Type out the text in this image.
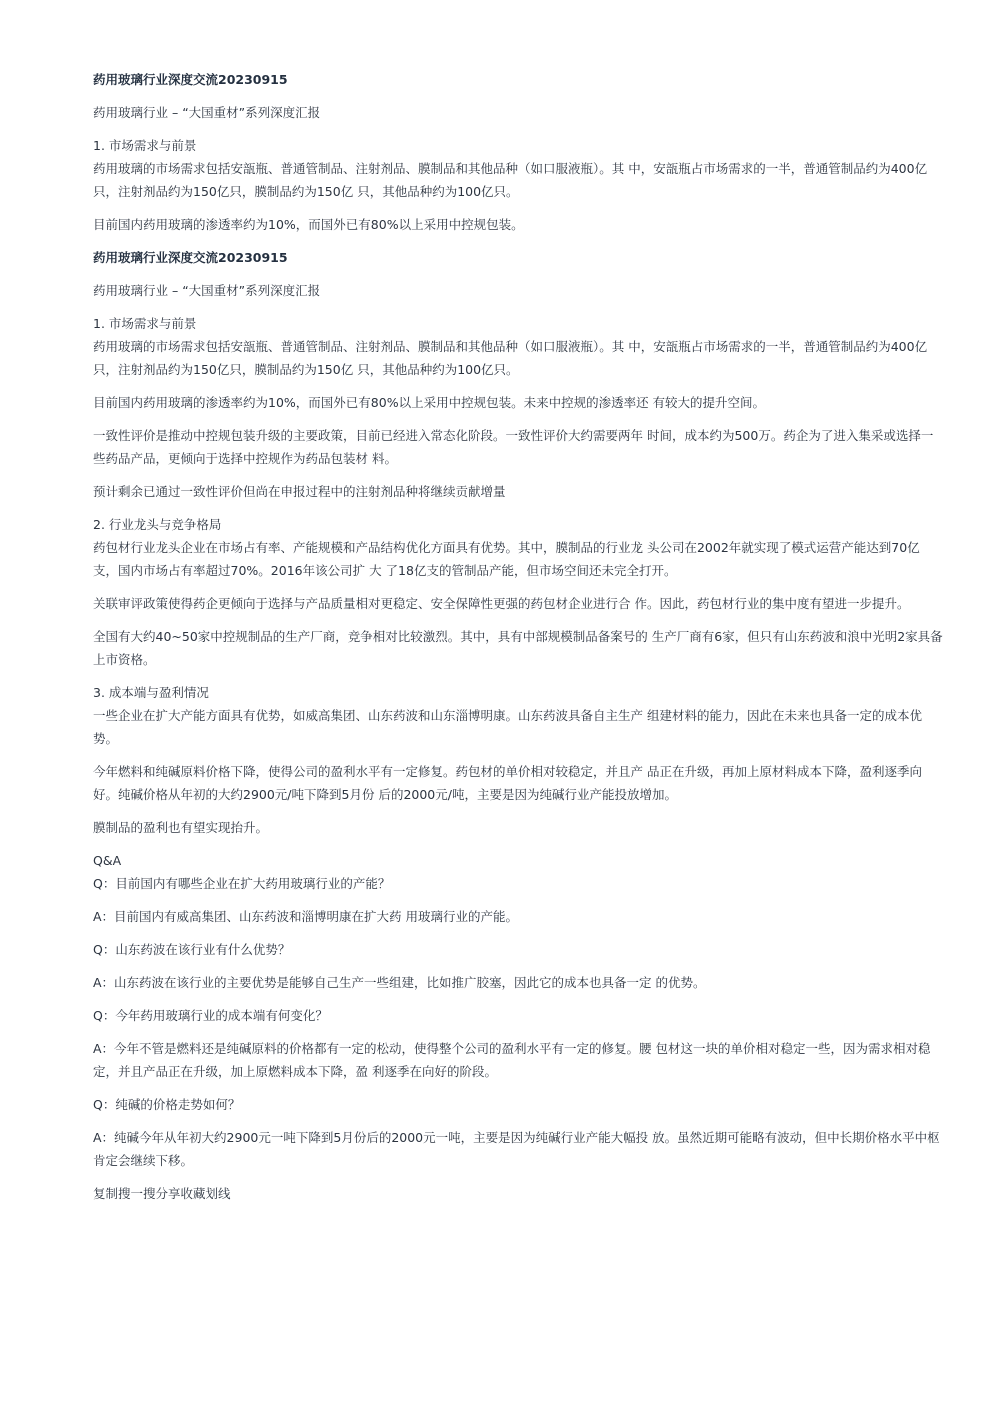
药用玻璃行业深度交流20230915
药用玻璃行业 – “大国重材”系列深度汇报
1. 市场需求与前景
药用玻璃的市场需求包括安瓿瓶、普通管制品、注射剂品、膜制品和其他品种（如口服液瓶）。其 中，安瓿瓶占市场需求的一半，普通管制品约为400亿只，注射剂品约为150亿只，膜制品约为150亿 只，其他品种约为100亿只。
目前国内药用玻璃的渗透率约为10%，而国外已有80%以上采用中控规包装。
药用玻璃行业深度交流20230915
药用玻璃行业 – “大国重材”系列深度汇报
1. 市场需求与前景
药用玻璃的市场需求包括安瓿瓶、普通管制品、注射剂品、膜制品和其他品种（如口服液瓶）。其 中，安瓿瓶占市场需求的一半，普通管制品约为400亿只，注射剂品约为150亿只，膜制品约为150亿 只，其他品种约为100亿只。
目前国内药用玻璃的渗透率约为10%，而国外已有80%以上采用中控规包装。未来中控规的渗透率还 有较大的提升空间。
一致性评价是推动中控规包装升级的主要政策，目前已经进入常态化阶段。一致性评价大约需要两年 时间，成本约为500万。药企为了进入集采或选择一些药品产品，更倾向于选择中控规作为药品包装材 料。
预计剩余已通过一致性评价但尚在申报过程中的注射剂品种将继续贡献增量
2. 行业龙头与竞争格局
药包材行业龙头企业在市场占有率、产能规模和产品结构优化方面具有优势。其中，膜制品的行业龙 头公司在2002年就实现了模式运营产能达到70亿支，国内市场占有率超过70%。2016年该公司扩 大 了18亿支的管制品产能，但市场空间还未完全打开。
关联审评政策使得药企更倾向于选择与产品质量相对更稳定、安全保障性更强的药包材企业进行合 作。因此，药包材行业的集中度有望进一步提升。
全国有大约40~50家中控规制品的生产厂商，竞争相对比较激烈。其中，具有中部规模制品备案号的 生产厂商有6家，但只有山东药波和浪中光明2家具备上市资格。
3. 成本端与盈利情况
一些企业在扩大产能方面具有优势，如威高集团、山东药波和山东淄博明康。山东药波具备自主生产 组建材料的能力，因此在未来也具备一定的成本优势。
今年燃料和纯碱原料价格下降，使得公司的盈利水平有一定修复。药包材的单价相对较稳定，并且产 品正在升级，再加上原材料成本下降，盈利逐季向好。纯碱价格从年初的大约2900元/吨下降到5月份 后的2000元/吨，主要是因为纯碱行业产能投放增加。
膜制品的盈利也有望实现抬升。
Q&A
Q：目前国内有哪些企业在扩大药用玻璃行业的产能？
A：目前国内有威高集团、山东药波和淄博明康在扩大药 用玻璃行业的产能。
Q：山东药波在该行业有什么优势？
A：山东药波在该行业的主要优势是能够自己生产一些组建，比如推广胶塞，因此它的成本也具备一定 的优势。
Q：今年药用玻璃行业的成本端有何变化？
A：今年不管是燃料还是纯碱原料的价格都有一定的松动，使得整个公司的盈利水平有一定的修复。腰 包材这一块的单价相对稳定一些，因为需求相对稳定，并且产品正在升级，加上原燃料成本下降，盈 利逐季在向好的阶段。
Q：纯碱的价格走势如何？
A：纯碱今年从年初大约2900元一吨下降到5月份后的2000元一吨，主要是因为纯碱行业产能大幅投 放。虽然近期可能略有波动，但中长期价格水平中枢肯定会继续下移。
复制搜一搜分享收藏划线
